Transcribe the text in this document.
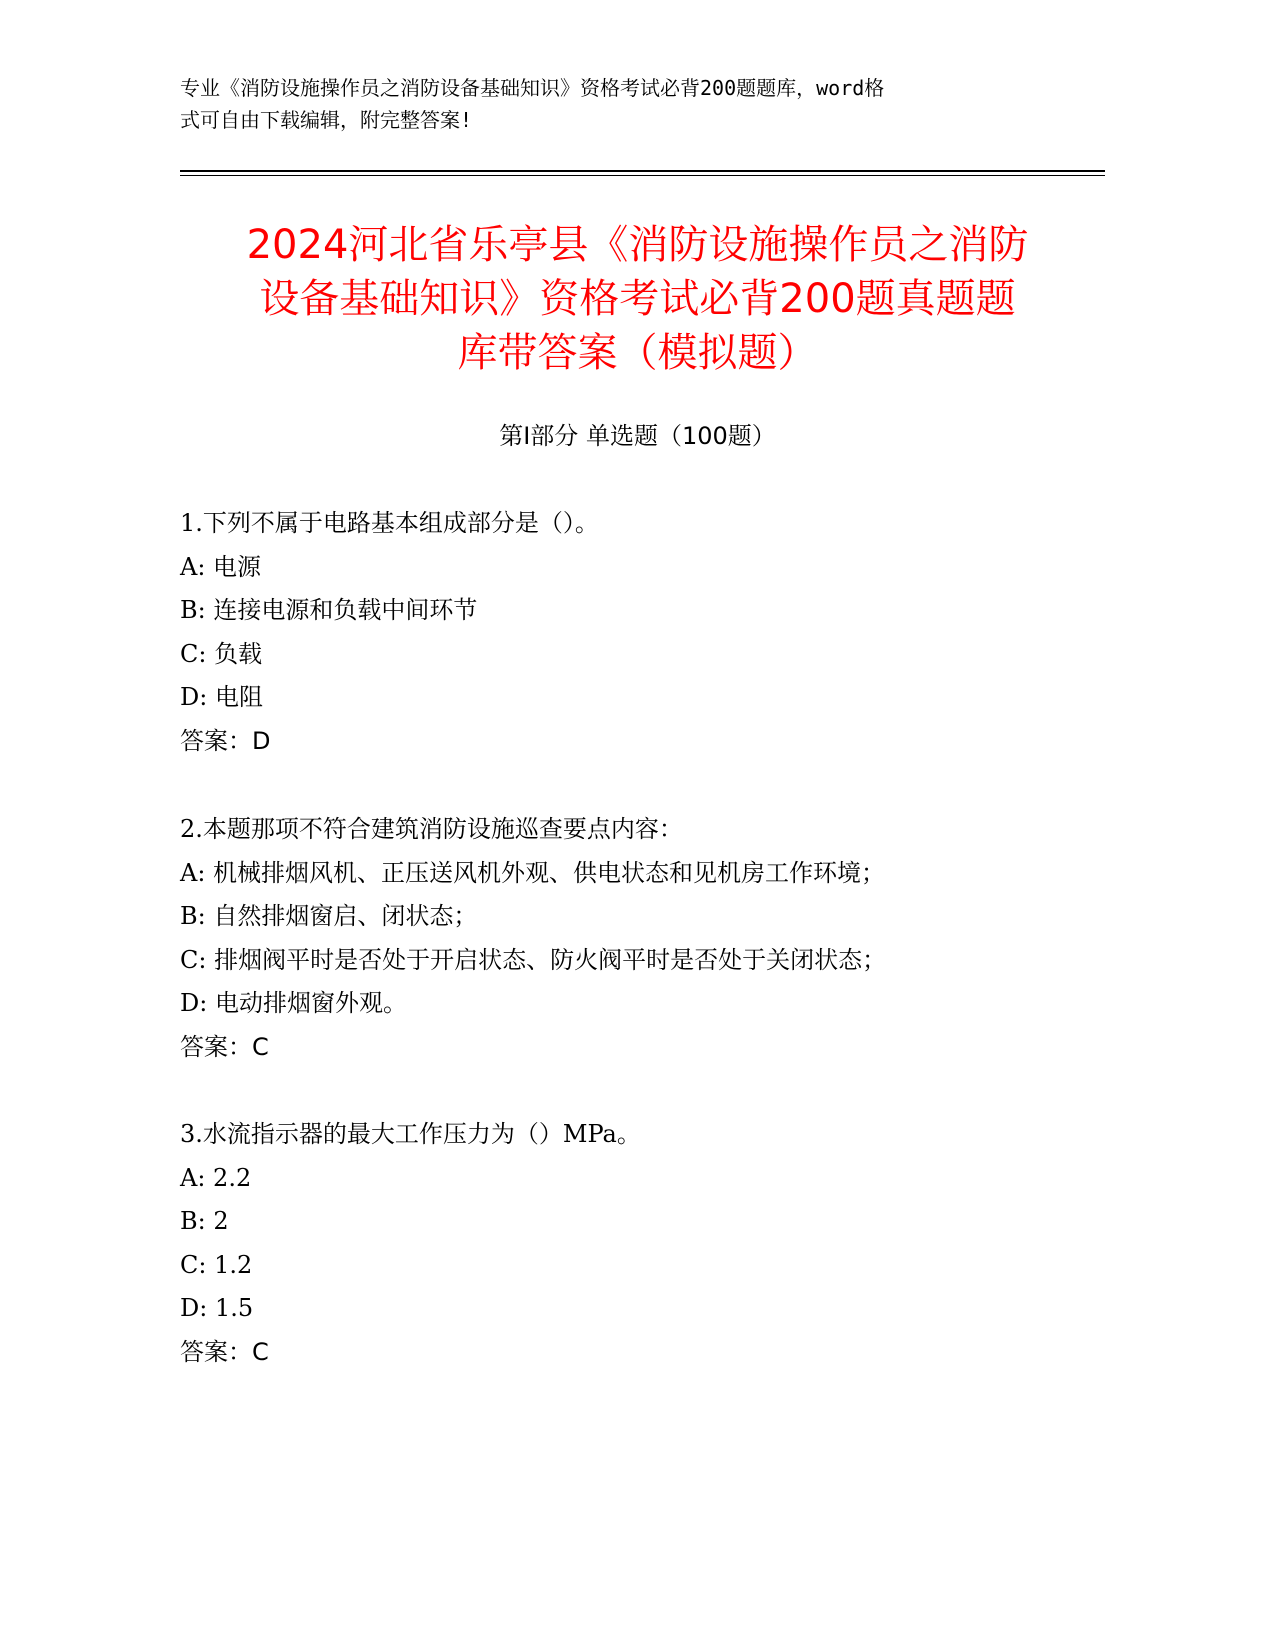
专业《消防设施操作员之消防设备基础知识》资格考试必背200题题库，word格
式可自由下载编辑，附完整答案!
2024河北省乐亭县《消防设施操作员之消防
设备基础知识》资格考试必背200题真题题
库带答案（模拟题）
第Ⅰ部分 单选题（100题）
1.下列不属于电路基本组成部分是（）。
A: 电源
B: 连接电源和负载中间环节
C: 负载
D: 电阻
答案：D
2.本题那项不符合建筑消防设施巡查要点内容：
A: 机械排烟风机、正压送风机外观、供电状态和见机房工作环境；
B: 自然排烟窗启、闭状态；
C: 排烟阀平时是否处于开启状态、防火阀平时是否处于关闭状态；
D: 电动排烟窗外观。
答案：C
3.水流指示器的最大工作压力为（）MPa。
A: 2.2
B: 2
C: 1.2
D: 1.5
答案：C
